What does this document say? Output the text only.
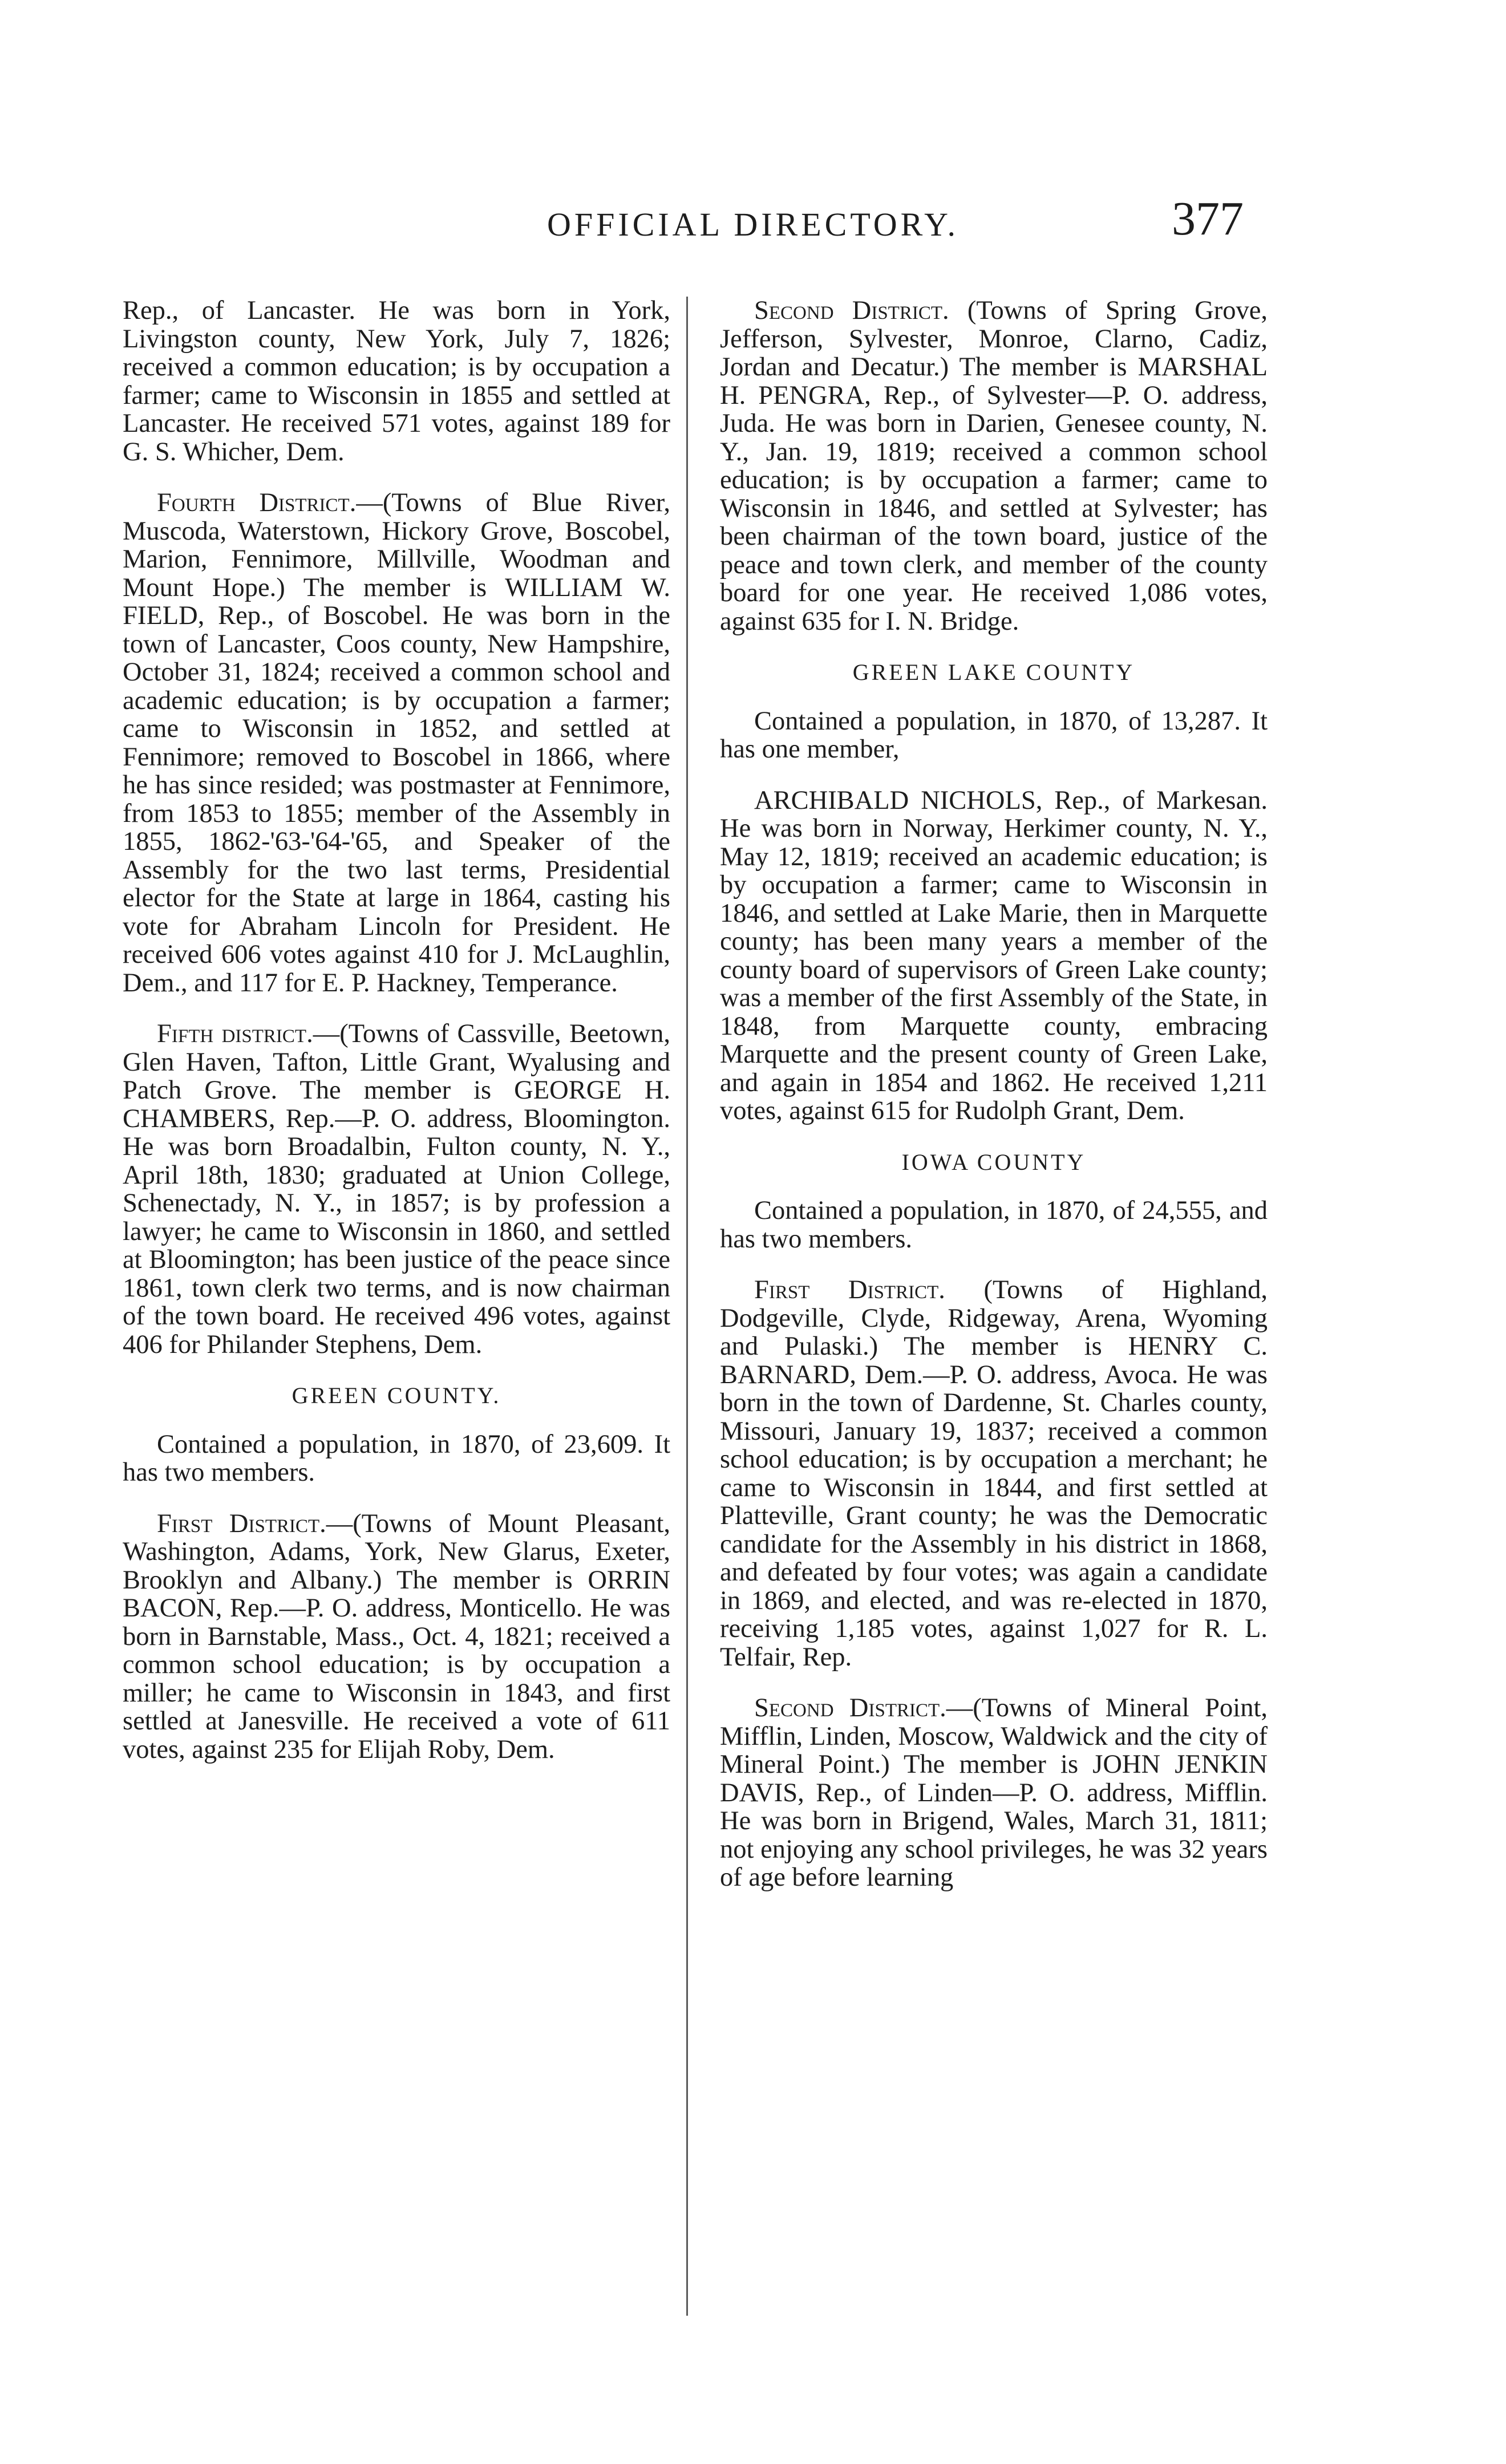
OFFICIAL DIRECTORY.	377

Rep., of Lancaster. He was born in York, Livingston county, New York, July 7, 1826; received a common education; is by occupation a farmer; came to Wisconsin in 1855 and settled at Lancaster. He received 571 votes, against 189 for G. S. Whicher, Dem.

Fourth District.—(Towns of Blue River, Muscoda, Waterstown, Hickory Grove, Boscobel, Marion, Fennimore, Millville, Woodman and Mount Hope.) The member is WILLIAM W. FIELD, Rep., of Boscobel. He was born in the town of Lancaster, Coos county, New Hampshire, October 31, 1824; received a common school and academic education; is by occupation a farmer; came to Wisconsin in 1852, and settled at Fennimore; removed to Boscobel in 1866, where he has since resided; was postmaster at Fennimore, from 1853 to 1855; member of the Assembly in 1855, 1862-'63-'64-'65, and Speaker of the Assembly for the two last terms, Presidential elector for the State at large in 1864, casting his vote for Abraham Lincoln for President. He received 606 votes against 410 for J. McLaughlin, Dem., and 117 for E. P. Hackney, Temperance.

Fifth district.—(Towns of Cassville, Beetown, Glen Haven, Tafton, Little Grant, Wyalusing and Patch Grove. The member is GEORGE H. CHAMBERS, Rep.—P. O. address, Bloomington. He was born Broadalbin, Fulton county, N. Y., April 18th, 1830; graduated at Union College, Schenectady, N. Y., in 1857; is by profession a lawyer; he came to Wisconsin in 1860, and settled at Bloomington; has been justice of the peace since 1861, town clerk two terms, and is now chairman of the town board. He received 496 votes, against 406 for Philander Stephens, Dem.

GREEN COUNTY.

Contained a population, in 1870, of 23,609. It has two members.

First District.—(Towns of Mount Pleasant, Washington, Adams, York, New Glarus, Exeter, Brooklyn and Albany.) The member is ORRIN BACON, Rep.—P. O. address, Monticello. He was born in Barnstable, Mass., Oct. 4, 1821; received a common school education; is by occupation a miller; he came to Wisconsin in 1843, and first settled at Janesville. He received a vote of 611 votes, against 235 for Elijah Roby, Dem.

Second District. (Towns of Spring Grove, Jefferson, Sylvester, Monroe, Clarno, Cadiz, Jordan and Decatur.) The member is MARSHAL H. PENGRA, Rep., of Sylvester—P. O. address, Juda. He was born in Darien, Genesee county, N. Y., Jan. 19, 1819; received a common school education; is by occupation a farmer; came to Wisconsin in 1846, and settled at Sylvester; has been chairman of the town board, justice of the peace and town clerk, and member of the county board for one year. He received 1,086 votes, against 635 for I. N. Bridge.

GREEN LAKE COUNTY

Contained a population, in 1870, of 13,287. It has one member,

ARCHIBALD NICHOLS, Rep., of Markesan. He was born in Norway, Herkimer county, N. Y., May 12, 1819; received an academic education; is by occupation a farmer; came to Wisconsin in 1846, and settled at Lake Marie, then in Marquette county; has been many years a member of the county board of supervisors of Green Lake county; was a member of the first Assembly of the State, in 1848, from Marquette county, embracing Marquette and the present county of Green Lake, and again in 1854 and 1862. He received 1,211 votes, against 615 for Rudolph Grant, Dem.

IOWA COUNTY

Contained a population, in 1870, of 24,555, and has two members.

First District. (Towns of Highland, Dodgeville, Clyde, Ridgeway, Arena, Wyoming and Pulaski.) The member is HENRY C. BARNARD, Dem.—P. O. address, Avoca. He was born in the town of Dardenne, St. Charles county, Missouri, January 19, 1837; received a common school education; is by occupation a merchant; he came to Wisconsin in 1844, and first settled at Platteville, Grant county; he was the Democratic candidate for the Assembly in his district in 1868, and defeated by four votes; was again a candidate in 1869, and elected, and was re-elected in 1870, receiving 1,185 votes, against 1,027 for R. L. Telfair, Rep.

Second District.—(Towns of Mineral Point, Mifflin, Linden, Moscow, Waldwick and the city of Mineral Point.) The member is JOHN JENKIN DAVIS, Rep., of Linden—P. O. address, Mifflin. He was born in Brigend, Wales, March 31, 1811; not enjoying any school privileges, he was 32 years of age before learning
